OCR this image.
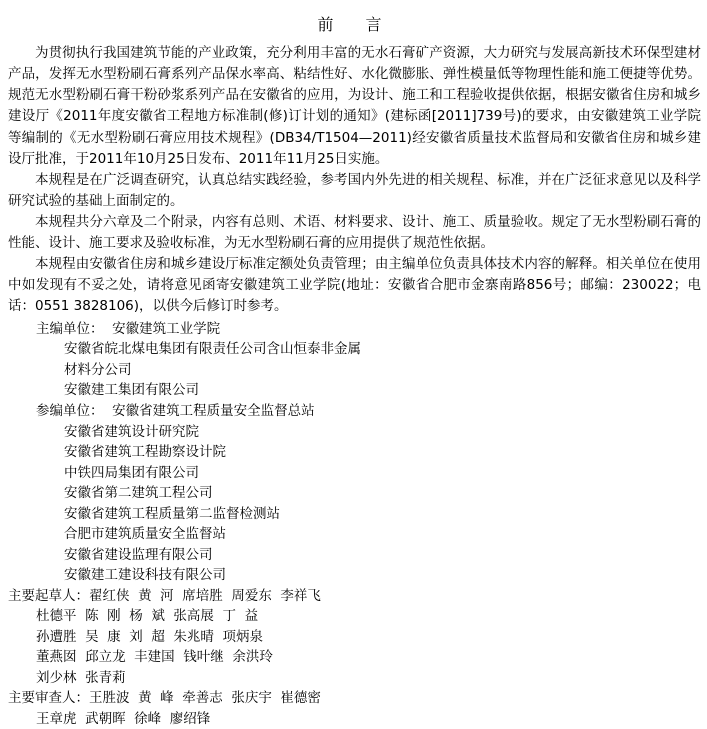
前　言

为贯彻执行我国建筑节能的产业政策，充分利用丰富的无水石膏矿产资源，大力研究与发展高新技术环保型建材产品，发挥无水型粉刷石膏系列产品保水率高、粘结性好、水化微膨胀、弹性模量低等物理性能和施工便捷等优势。规范无水型粉刷石膏干粉砂浆系列产品在安徽省的应用，为设计、施工和工程验收提供依据，根据安徽省住房和城乡建设厅《2011年度安徽省工程地方标准制(修)订计划的通知》(建标函[2011]739号)的要求，由安徽建筑工业学院等编制的《无水型粉刷石膏应用技术规程》(DB34/T1504—2011)经安徽省质量技术监督局和安徽省住房和城乡建设厅批准，于2011年10月25日发布、2011年11月25日实施。

本规程是在广泛调查研究，认真总结实践经验，参考国内外先进的相关规程、标准，并在广泛征求意见以及科学研究试验的基础上面制定的。

本规程共分六章及二个附录，内容有总则、术语、材料要求、设计、施工、质量验收。规定了无水型粉刷石膏的性能、设计、施工要求及验收标准，为无水型粉刷石膏的应用提供了规范性依据。

本规程由安徽省住房和城乡建设厅标准定额处负责管理；由主编单位负责具体技术内容的解释。相关单位在使用中如发现有不妥之处，请将意见函寄安徽建筑工业学院(地址：安徽省合肥市金寨南路856号；邮编：230022；电话：0551 3828106)，以供今后修订时参考。

主编单位：  安徽建筑工业学院
安徽省皖北煤电集团有限责任公司含山恒泰非金属
材料分公司
安徽建工集团有限公司
参编单位：  安徽省建筑工程质量安全监督总站
安徽省建筑设计研究院
安徽省建筑工程勘察设计院
中铁四局集团有限公司
安徽省第二建筑工程公司
安徽省建筑工程质量第二监督检测站
合肥市建筑质量安全监督站
安徽省建设监理有限公司
安徽建工建设科技有限公司
主要起草人：翟红侠  黄  河  席培胜  周爱东  李祥飞
杜德平  陈  刚  杨  斌  张高展  丁  益
孙遭胜  吴  康  刘  超  朱兆晴  项炳泉
董燕囡  邱立龙  丰建国  钱叶继  余洪玲
刘少林  张青莉
主要审查人：王胜波  黄  峰  牵善志  张庆宇  崔德密
王章虎  武朝晖  徐峰  廖绍锋
